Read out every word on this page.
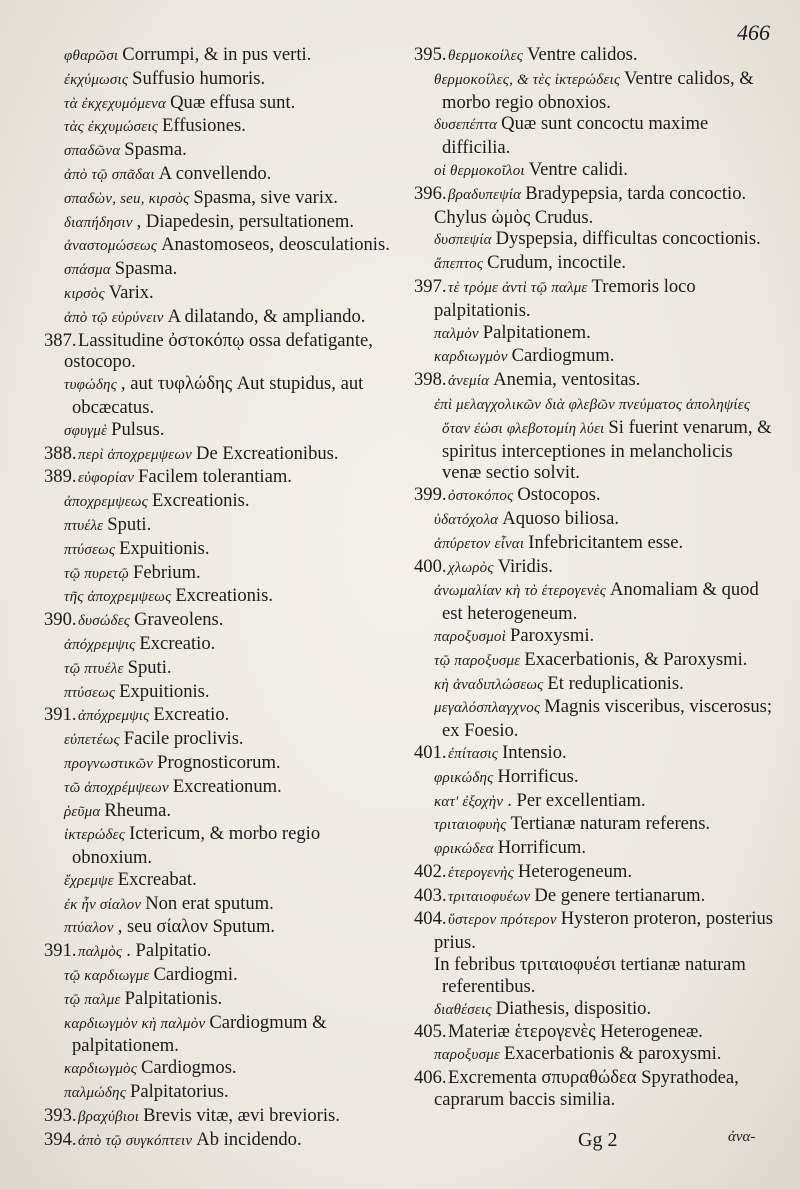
466

φθαρῶσι Corrumpi, & in pus verti.

ἐκχύμωσις Suffusio humoris.

τὰ ἐκχεχυμόμενα Quæ effusa sunt.

τὰς ἐκχυμώσεις Effusiones.

σπαδῶνα Spasma.

ἀπὸ τῷ σπᾶδαι A convellendo.

σπαδὼν, seu, κιρσὸς Spasma, sive varix.

διαπήδησιν , Diapedesin, persultationem.

ἀναστομώσεως Anastomoseos, deosculationis.

σπάσμα Spasma.

κιρσὸς Varix.

ἀπὸ τῷ εὐρύνειν A dilatando, & ampliando.

387.Lassitudine ὀστοκόπῳ ossa defatigante, ostocopo.

τυφώδης , aut τυφλώδης Aut stupidus, aut obcæcatus.

σφυγμὲ Pulsus.

388.περὶ ἀποχρεμψεων De Excreationibus.

389.εὐφορίαν Facilem tolerantiam.

ἀποχρεμψεως Excreationis.

πτυέλε Sputi.

πτύσεως Expuitionis.

τῷ πυρετῷ Febrium.

τῆς ἀποχρεμψεως Excreationis.

390.δυσώδες Graveolens.

ἀπόχρεμψις Excreatio.

τῷ πτυέλε Sputi.

πτύσεως Expuitionis.

391.ἀπόχρεμψις Excreatio.

εὐπετέως Facile proclivis.

προγνωστικῶν Prognosticorum.

τῶ ἀποχρέμψεων Excreationum.

ῥεῦμα Rheuma.

ἰκτερώδες Ictericum, & morbo regio obnoxium.

ἔχρεμψε Excreabat.

ἐκ ἦν σίαλον Non erat sputum.

πτύαλον , seu σίαλον Sputum.

391.παλμὸς . Palpitatio.

τῷ καρδιωγμε Cardiogmi.

τῷ παλμε Palpitationis.

καρδιωγμὸν κὴ παλμὸν Cardiogmum & palpitationem.

καρδιωγμὸς Cardiogmos.

παλμώδης Palpitatorius.

393.βραχύβιοι Brevis vitæ, ævi brevioris.

394.ἀπὸ τῷ συγκόπτειν Ab incidendo.

395.θερμοκοίλες Ventre calidos.

θερμοκοίλες, & τὲς ἰκτερώδεις Ventre calidos, & morbo regio obnoxios.

δυσεπέπτα Quæ sunt concoctu maxime difficilia.

οἱ θερμοκοῖλοι Ventre calidi.

396.βραδυπεψία Bradypepsia, tarda concoctio.

Chylus ὠμὸς Crudus.

δυσπεψία Dyspepsia, difficultas concoctionis.

ἄπεπτος Crudum, incoctile.

397.τὲ τρόμε ἀντὶ τῷ παλμε Tremoris loco palpitationis.

παλμὸν Palpitationem.

καρδιωγμὸν Cardiogmum.

398.ἀνεμία Anemia, ventositas.

ἐπὶ μελαγχολικῶν διὰ φλεβῶν πνεύματος ἀποληψίες ὅταν ἐώσι φλεβοτομίη λύει Si fuerint venarum, & spiritus interceptiones in melancholicis venæ sectio solvit.

399.ὀστοκόπος Ostocopos.

ὑδατόχολα Aquoso biliosa.

ἀπύρετον εἶναι Infebricitantem esse.

400.χλωρὸς Viridis.

ἀνωμαλίαν κὴ τὸ ἑτερογενὲς Anomaliam & quod est heterogeneum.

παροξυσμοὶ Paroxysmi.

τῷ παροξυσμε Exacerbationis, & Paroxysmi.

κὴ ἀναδιπλώσεως Et reduplicationis.

μεγαλόσπλαγχνος Magnis visceribus, viscerosus; ex Foesio.

401.ἐπίτασις Intensio.

φρικώδης Horrificus.

κατ' ἐξοχὴν . Per excellentiam.

τριταιοφυὴς Tertianæ naturam referens.

φρικώδεα Horrificum.

402.ἑτερογενὴς Heterogeneum.

403.τριταιοφυέων De genere tertianarum.

404.ὕστερον πρότερον Hysteron proteron, posterius prius.

In febribus τριταιοφυέσι tertianæ naturam referentibus.

διαθέσεις Diathesis, dispositio.

405.Materiæ ἑτερογενὲς Heterogeneæ.

παροξυσμε Exacerbationis & paroxysmi.

406.Excrementa σπυραθώδεα Spyrathodea, caprarum baccis similia.

Gg 2	ἀνα-
